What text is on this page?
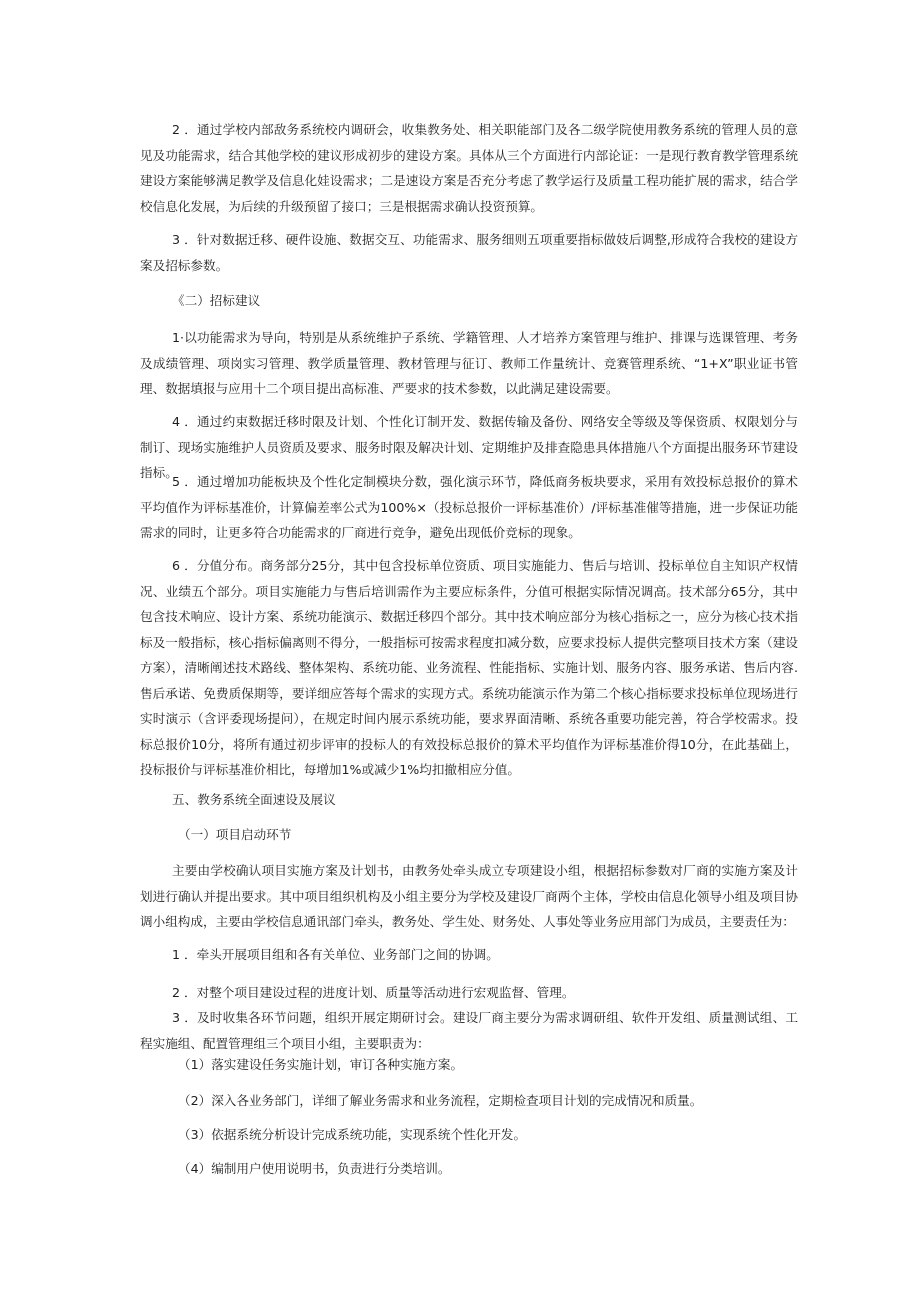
2 ．通过学校内部敌务系统校内调研会，收集教务处、相关职能部门及各二级学院使用教务系统的管理人员的意见及功能需求，结合其他学校的建议形成初步的建设方案。具体从三个方面进行内部论证：一是现行教育教学管理系统建设方案能够满足教学及信息化娃设需求；二是速设方案是否充分考虑了教学运行及质量工程功能扩展的需求，结合学校信息化发展，为后续的升级预留了接口；三是根据需求确认投资预算。

3 ．针对数据迁移、硬件设施、数据交互、功能需求、服务细则五项重要指标做妓后调整,形成符合我校的建设方案及招标参数。

《二）招标建议

1·以功能需求为导向，特别是从系统维护子系统、学籍管理、人才培养方案管理与维护、排课与选课管理、考务及成绩管理、项岗实习管理、教学质量管理、教材管理与征订、教师工作量统计、竞赛管理系统、“1+X”职业证书管理、数据填报与应用十二个项目提出高标准、严要求的技术参数，以此满足建设需要。

4 ．通过约束数据迁移时限及计划、个性化订制开发、数据传输及备份、网络安全等级及等保资质、权限划分与制订、现场实施维护人员资质及要求、服务时限及解决计划、定期维护及排查隐患具体措施八个方面提出服务环节建设指标。

5 ．通过增加功能板块及个性化定制模块分数，强化演示环节，降低商务板块要求，采用有效投标总报价的算术平均值作为评标基准价，计算偏差率公式为100%×（投标总报价一评标基准价）/评标基准催等措施，进一步保证功能需求的同时，让更多符合功能需求的厂商进行竞争，避免出现低价竞标的现象。

6 ．分值分布。商务部分25分，其中包含投标单位资质、项目实施能力、售后与培训、投标单位自主知识产权情况、业绩五个部分。项目实施能力与售后培训需作为主要应标条件，分值可根据实际情况调高。技术部分65分，其中包含技术响应、设计方案、系统功能演示、数据迁移四个部分。其中技术响应部分为核心指标之一，应分为核心技术指标及一般指标，核心指标偏离则不得分，一般指标可按需求程度扣减分数，应要求投标人提供完整项目技术方案（建设方案），清晰阐述技术路线、整体架构、系统功能、业务流程、性能指标、实施计划、服务内容、服务承诺、售后内容.售后承诺、免费质保期等，要详细应答每个需求的实现方式。系统功能演示作为第二个核心指标要求投标单位现场进行实时演示（含评委现场提问），在规定时间内展示系统功能，要求界面清晰、系统各重要功能完善，符合学校需求。投标总报价10分，将所有通过初步评审的投标人的有效投标总报价的算术平均值作为评标基准价得10分，在此基础上，投标报价与评标基准价相比，每增加1%或减少1%均扣撤相应分值。

五、教务系统全面速设及展议

（一）项目启动环节

主要由学校确认项目实施方案及计划书，由教务处牵头成立专项建设小组，根据招标参数对厂商的实施方案及计划进行确认并提出要求。其中项目组织机构及小组主要分为学校及建设厂商两个主体，学校由信息化领导小组及项目协调小组构成，主要由学校信息通讯部门牵头，教务处、学生处、财务处、人事处等业务应用部门为成员，主要责任为：

1 ．牵头开展项目组和各有关单位、业务部门之间的协调。

2 ．对整个项目建设过程的进度计划、质量等活动进行宏观监督、管理。

3 ．及时收集各环节问题，组织开展定期研讨会。建设厂商主要分为需求调研组、软件开发组、质量测试组、工程实施组、配置管理组三个项目小组，主要职责为：

（1）落实建设任务实施计划，审订各种实施方案。

（2）深入各业务部门，详细了解业务需求和业务流程，定期检查项目计划的完成情况和质量。

（3）依据系统分析设计完成系统功能，实现系统个性化开发。

（4）编制用户使用说明书，负责进行分类培训。
